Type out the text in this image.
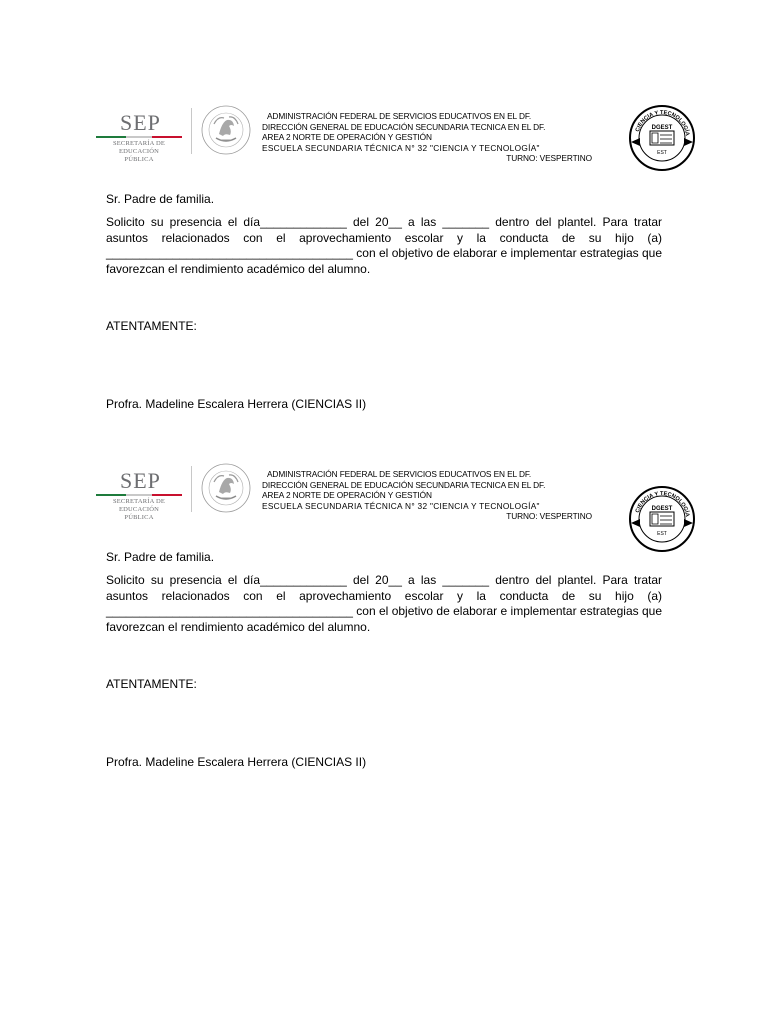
SEP
SECRETARÍA DE
EDUCACIÓN PÚBLICA
ADMINISTRACIÓN FEDERAL DE SERVICIOS EDUCATIVOS EN EL DF.
DIRECCIÓN GENERAL DE EDUCACIÓN SECUNDARIA TECNICA EN EL DF.
AREA 2 NORTE DE OPERACIÓN Y GESTIÓN
ESCUELA SECUNDARIA TÉCNICA N° 32 "CIENCIA Y TECNOLOGÍA"
TURNO: VESPERTINO
CIENCIA Y TECNOLOGÍA
DGEST
EST
Sr. Padre de familia.
Solicito su presencia el día_____________ del 20__ a las _______ dentro del plantel. Para tratar asuntos relacionados con el aprovechamiento escolar y la conducta de su hijo (a) _____________________________________ con el objetivo de elaborar e implementar estrategias que favorezcan el rendimiento académico del alumno.
ATENTAMENTE:
Profra. Madeline Escalera Herrera (CIENCIAS II)
SEP
SECRETARÍA DE
EDUCACIÓN PÚBLICA
ADMINISTRACIÓN FEDERAL DE SERVICIOS EDUCATIVOS EN EL DF.
DIRECCIÓN GENERAL DE EDUCACIÓN SECUNDARIA TECNICA EN EL DF.
AREA 2 NORTE DE OPERACIÓN Y GESTIÓN
ESCUELA SECUNDARIA TÉCNICA N° 32 "CIENCIA Y TECNOLOGÍA"
TURNO: VESPERTINO
CIENCIA Y TECNOLOGÍA
DGEST
EST
Sr. Padre de familia.
Solicito su presencia el día_____________ del 20__ a las _______ dentro del plantel. Para tratar asuntos relacionados con el aprovechamiento escolar y la conducta de su hijo (a) _____________________________________ con el objetivo de elaborar e implementar estrategias que favorezcan el rendimiento académico del alumno.
ATENTAMENTE:
Profra. Madeline Escalera Herrera (CIENCIAS II)
